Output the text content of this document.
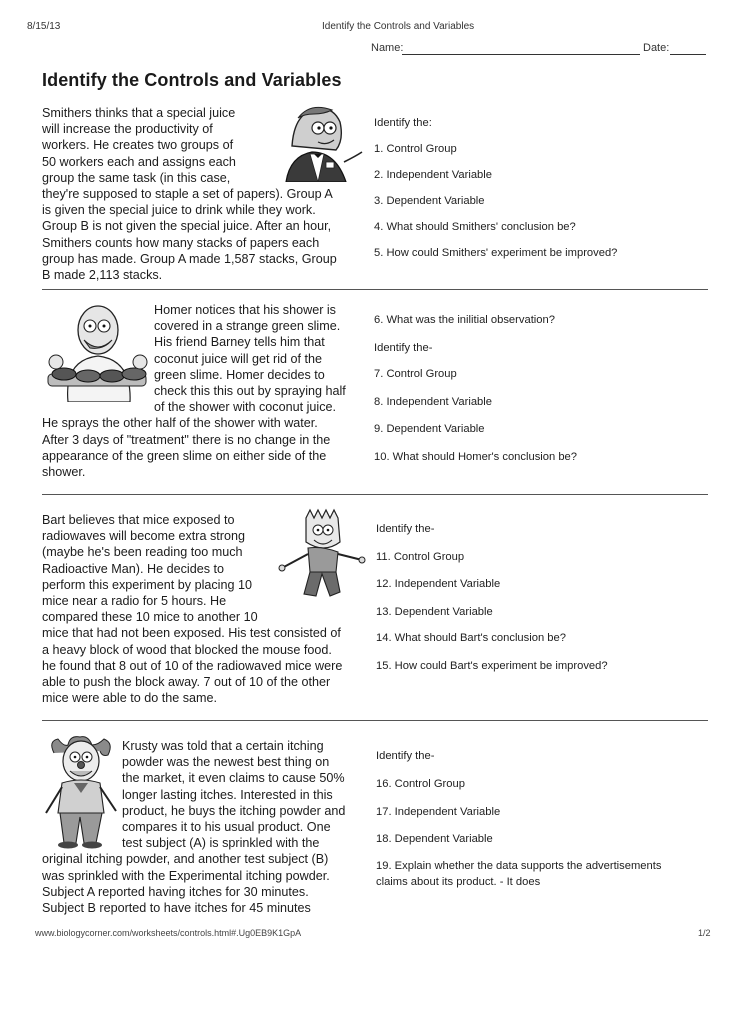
8/15/13	Identify the Controls and Variables
Name:	Date:
Identify the Controls and Variables

Smithers thinks that a special juice

will increase the productivity of

workers. He creates two groups of

50 workers each and assigns each

group the same task (in this case,

they're supposed to staple a set of papers). Group A

is given the special juice to drink while they work.

Group B is not given the special juice. After an hour,

Smithers counts how many stacks of papers each

group has made. Group A made 1,587 stacks, Group

B made 2,113 stacks.

Identify the:
1. Control Group
2. Independent Variable
3. Dependent Variable
4. What should Smithers' conclusion be?
5. How could Smithers' experiment be improved?

Homer notices that his shower is

covered in a strange green slime.

His friend Barney tells him that

coconut juice will get rid of the

green slime. Homer decides to

check this this out by spraying half

of the shower with coconut juice.

He sprays the other half of the shower with water.

After 3 days of "treatment" there is no change in the

appearance of the green slime on either side of the

shower.

6. What was the inilitial observation?
Identify the-
7. Control Group
8. Independent Variable
9. Dependent Variable
10. What should Homer's conclusion be?

Bart believes that mice exposed to

radiowaves will become extra strong

(maybe he's been reading too much

Radioactive Man). He decides to

perform this experiment by placing 10

mice near a radio for 5 hours. He

compared these 10 mice to another 10

mice that had not been exposed. His test consisted of

a heavy block of wood that blocked the mouse food.

he found that 8 out of 10 of the radiowaved mice were

able to push the block away. 7 out of 10 of the other

mice were able to do the same.

Identify the-
11. Control Group
12. Independent Variable
13. Dependent Variable
14. What should Bart's conclusion be?
15. How could Bart's experiment be improved?

Krusty was told that a certain itching

powder was the newest best thing on

the market, it even claims to cause 50%

longer lasting itches. Interested in this

product, he buys the itching powder and

compares it to his usual product. One

test subject (A) is sprinkled with the

original itching powder, and another test subject (B)

was sprinkled with the Experimental itching powder.

Subject A reported having itches for 30 minutes.

Subject B reported to have itches for 45 minutes

Identify the-
16. Control Group
17. Independent Variable
18. Dependent Variable
19. Explain whether the data supports the advertisements
claims about its product. - It does
www.biologycorner.com/worksheets/controls.html#.Ug0EB9K1GpA	1/2
